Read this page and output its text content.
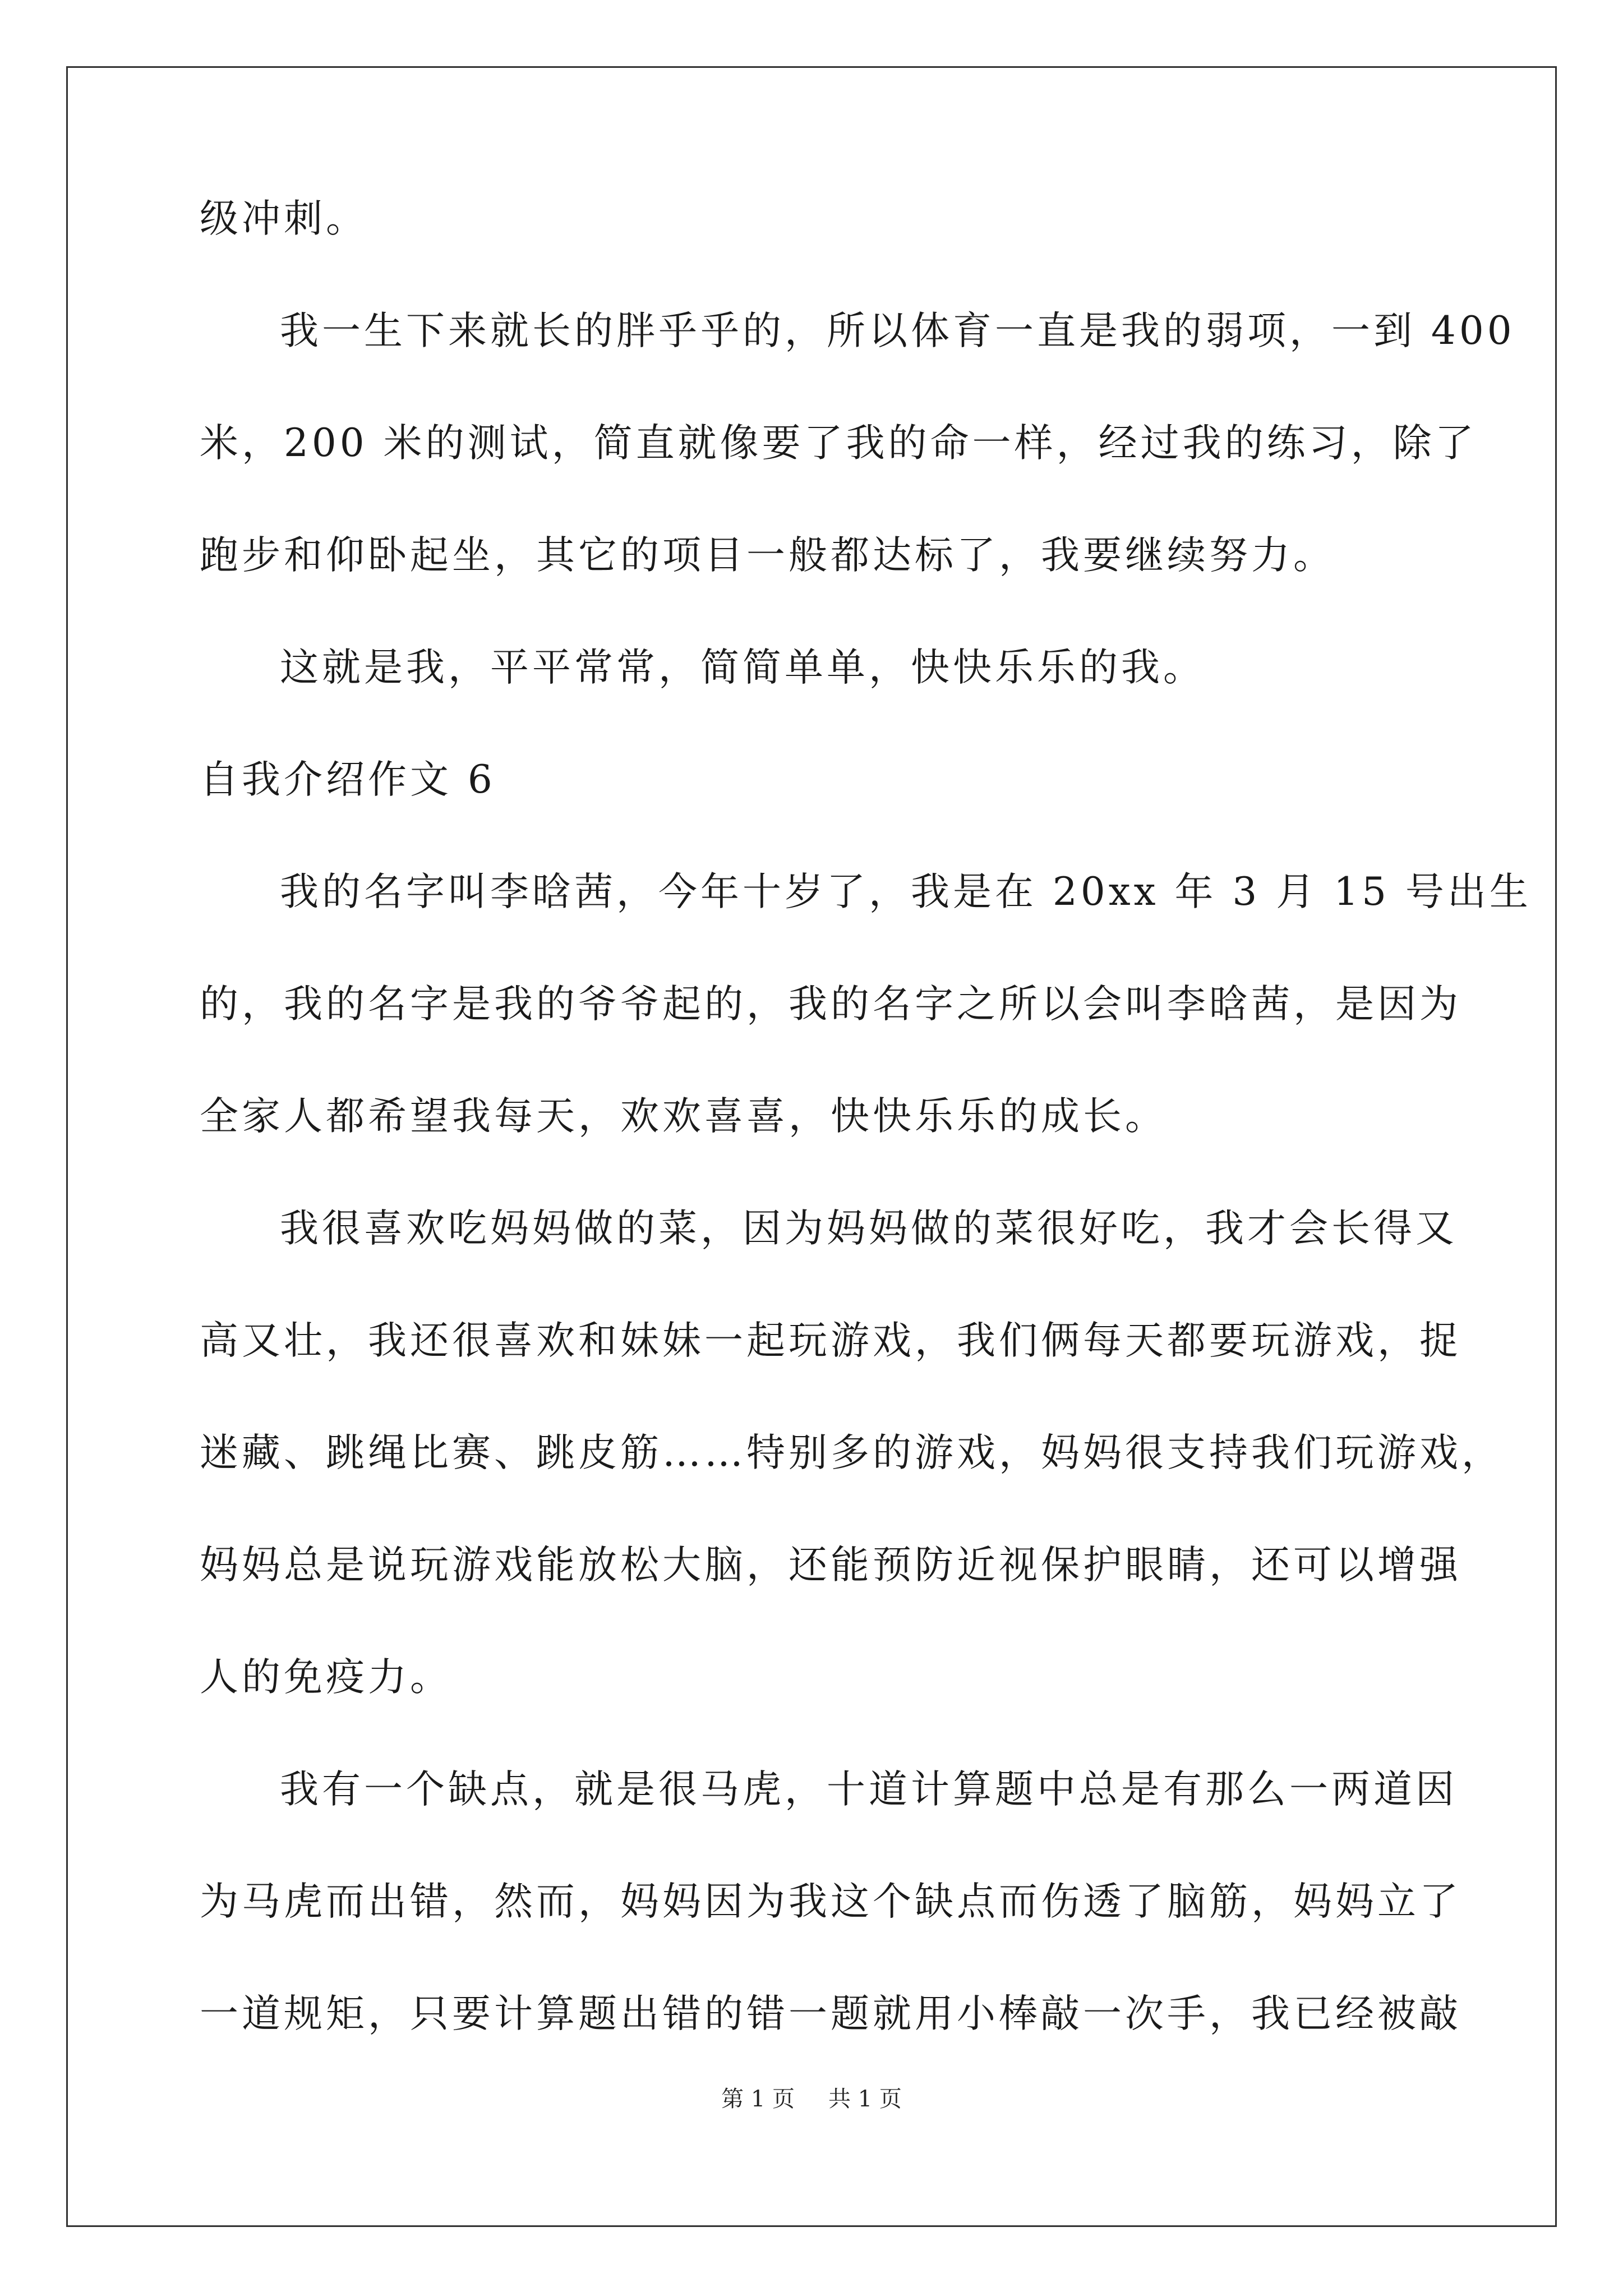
级冲刺。
我一生下来就长的胖乎乎的，所以体育一直是我的弱项，一到 400
米，200 米的测试，简直就像要了我的命一样，经过我的练习，除了
跑步和仰卧起坐，其它的项目一般都达标了，我要继续努力。
这就是我，平平常常，简简单单，快快乐乐的我。
自我介绍作文 6
我的名字叫李晗茜，今年十岁了，我是在 20xx 年 3 月 15 号出生
的，我的名字是我的爷爷起的，我的名字之所以会叫李晗茜，是因为
全家人都希望我每天，欢欢喜喜，快快乐乐的成长。
我很喜欢吃妈妈做的菜，因为妈妈做的菜很好吃，我才会长得又
高又壮，我还很喜欢和妹妹一起玩游戏，我们俩每天都要玩游戏，捉
迷藏、跳绳比赛、跳皮筋……特别多的游戏，妈妈很支持我们玩游戏，
妈妈总是说玩游戏能放松大脑，还能预防近视保护眼睛，还可以增强
人的免疫力。
我有一个缺点，就是很马虎，十道计算题中总是有那么一两道因
为马虎而出错，然而，妈妈因为我这个缺点而伤透了脑筋，妈妈立了
一道规矩，只要计算题出错的错一题就用小棒敲一次手，我已经被敲
第 1 页 共 1 页
